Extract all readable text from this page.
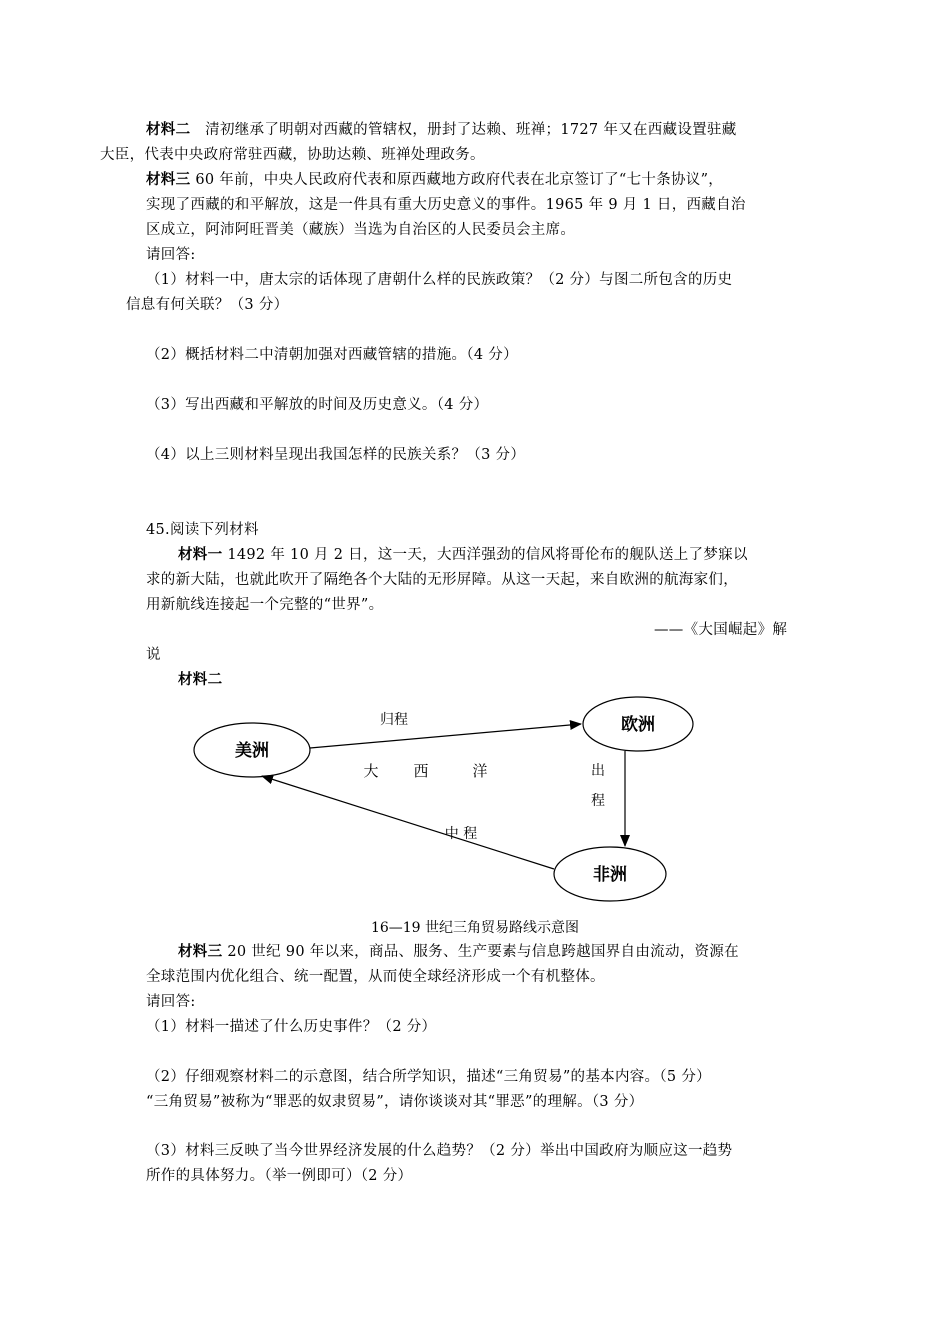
材料二 清初继承了明朝对西藏的管辖权，册封了达赖、班禅；1727 年又在西藏设置驻藏
大臣，代表中央政府常驻西藏，协助达赖、班禅处理政务。
材料三 60 年前，中央人民政府代表和原西藏地方政府代表在北京签订了“七十条协议”，
实现了西藏的和平解放，这是一件具有重大历史意义的事件。1965 年 9 月 1 日，西藏自治
区成立，阿沛阿旺晋美（藏族）当选为自治区的人民委员会主席。
请回答:
（1）材料一中，唐太宗的话体现了唐朝什么样的民族政策？（2 分）与图二所包含的历史
信息有何关联？（3 分）
（2）概括材料二中清朝加强对西藏管辖的措施。（4 分）
（3）写出西藏和平解放的时间及历史意义。（4 分）
（4）以上三则材料呈现出我国怎样的民族关系？（3 分）
45.阅读下列材料
材料一 1492 年 10 月 2 日，这一天，大西洋强劲的信风将哥伦布的舰队送上了梦寐以
求的新大陆，也就此吹开了隔绝各个大陆的无形屏障。从这一天起，来自欧洲的航海家们，
用新航线连接起一个完整的“世界”。
——《大国崛起》解
说
材料二
美洲
欧洲
非洲
归程
出
程
中 程
大 西	洋
16—19 世纪三角贸易路线示意图
材料三 20 世纪 90 年以来，商品、服务、生产要素与信息跨越国界自由流动，资源在
全球范围内优化组合、统一配置，从而使全球经济形成一个有机整体。
请回答:
（1）材料一描述了什么历史事件？（2 分）
（2）仔细观察材料二的示意图，结合所学知识，描述“三角贸易”的基本内容。（5 分）
“三角贸易”被称为“罪恶的奴隶贸易”，请你谈谈对其“罪恶”的理解。（3 分）
（3）材料三反映了当今世界经济发展的什么趋势？（2 分）举出中国政府为顺应这一趋势
所作的具体努力。（举一例即可）（2 分）
